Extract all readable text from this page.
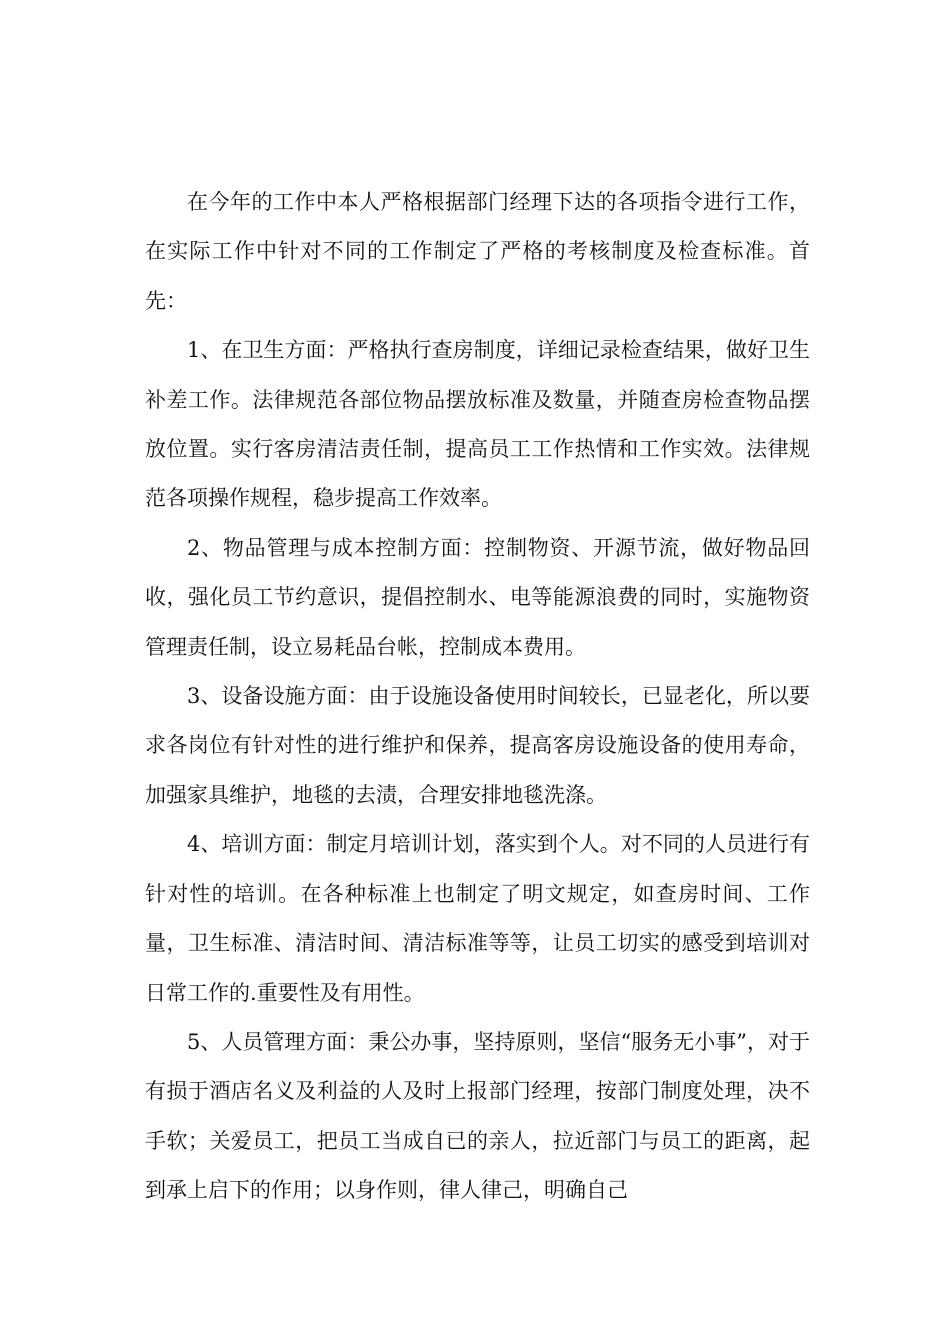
在今年的工作中本人严格根据部门经理下达的各项指令进行工作，在实际工作中针对不同的工作制定了严格的考核制度及检查标准。首先：

1、在卫生方面：严格执行查房制度，详细记录检查结果，做好卫生补差工作。法律规范各部位物品摆放标准及数量，并随查房检查物品摆放位置。实行客房清洁责任制，提高员工工作热情和工作实效。法律规范各项操作规程，稳步提高工作效率。

2、物品管理与成本控制方面：控制物资、开源节流，做好物品回收，强化员工节约意识，提倡控制水、电等能源浪费的同时，实施物资管理责任制，设立易耗品台帐，控制成本费用。

3、设备设施方面：由于设施设备使用时间较长，已显老化，所以要求各岗位有针对性的进行维护和保养，提高客房设施设备的使用寿命，加强家具维护，地毯的去渍，合理安排地毯洗涤。

4、培训方面：制定月培训计划，落实到个人。对不同的人员进行有针对性的培训。在各种标准上也制定了明文规定，如查房时间、工作量，卫生标准、清洁时间、清洁标准等等，让员工切实的感受到培训对日常工作的.重要性及有用性。

5、人员管理方面：秉公办事，坚持原则，坚信“服务无小事”，对于有损于酒店名义及利益的人及时上报部门经理，按部门制度处理，决不手软；关爱员工，把员工当成自已的亲人，拉近部门与员工的距离，起到承上启下的作用；以身作则，律人律己，明确自己
